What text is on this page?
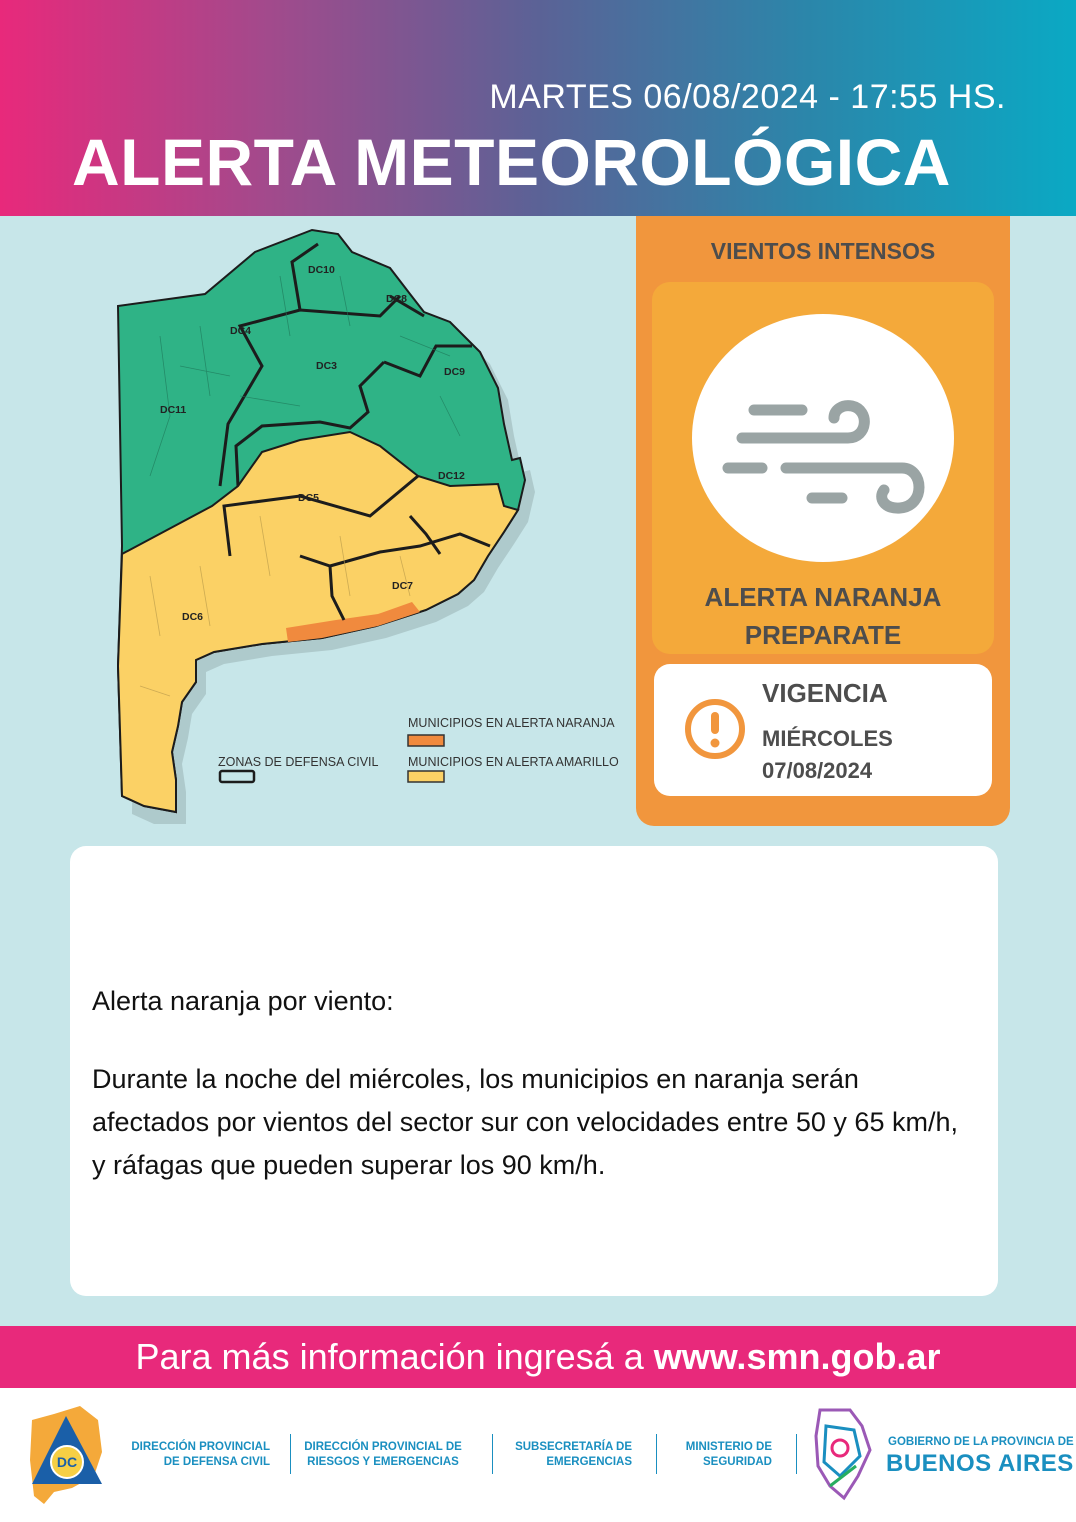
MARTES 06/08/2024 - 17:55 HS.
ALERTA METEOROLÓGICA
DC10
DC8
DC4
DC3	DC9
DC11
DC12
DC5
DC7
DC6
MUNICIPIOS EN ALERTA NARANJA
ZONAS DE DEFENSA CIVIL MUNICIPIOS EN ALERTA AMARILLO
VIENTOS INTENSOS
ALERTA NARANJA
PREPARATE
VIGENCIA
MIÉRCOLES
07/08/2024
Alerta naranja por viento:
Durante la noche del miércoles, los municipios en naranja serán afectados por vientos del sector sur con velocidades entre 50 y 65 km/h, y ráfagas que pueden superar los 90 km/h.
Para más información ingresá a www.smn.gob.ar
DC
DIRECCIÓN PROVINCIAL
DE DEFENSA CIVIL
DIRECCIÓN PROVINCIAL DE
RIESGOS Y EMERGENCIAS
SUBSECRETARÍA DE
EMERGENCIAS
MINISTERIO DE
SEGURIDAD
GOBIERNO DE LA PROVINCIA DE
BUENOS AIRES
